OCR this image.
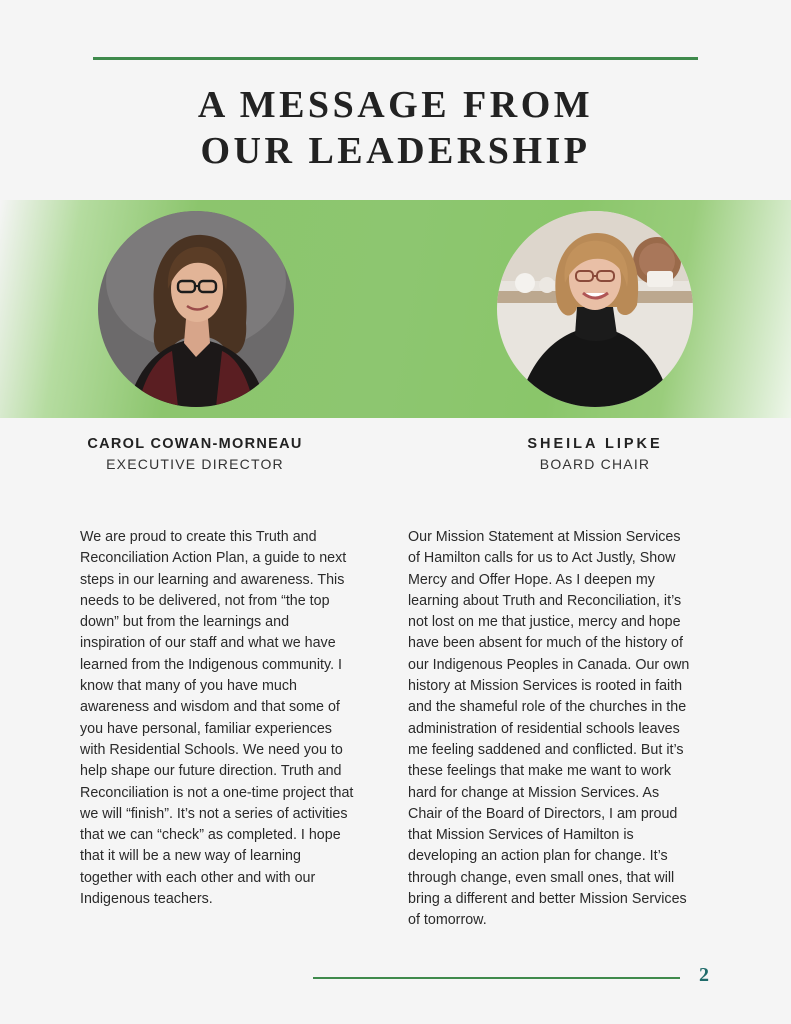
A MESSAGE FROM
OUR LEADERSHIP
CAROL COWAN-MORNEAU
EXECUTIVE DIRECTOR
SHEILA LIPKE
BOARD CHAIR
We are proud to create this Truth and
Reconciliation Action Plan, a guide to next
steps in our learning and awareness. This
needs to be delivered, not from “the top
down” but from the learnings and
inspiration of our staff and what we have
learned from the Indigenous community. I
know that many of you have much
awareness and wisdom and that some of
you have personal, familiar experiences
with Residential Schools. We need you to
help shape our future direction. Truth and
Reconciliation is not a one-time project that
we will “finish”. It’s not a series of activities
that we can “check” as completed. I hope
that it will be a new way of learning
together with each other and with our
Indigenous teachers.
Our Mission Statement at Mission Services
of Hamilton calls for us to Act Justly, Show
Mercy and Offer Hope. As I deepen my
learning about Truth and Reconciliation, it’s
not lost on me that justice, mercy and hope
have been absent for much of the history of
our Indigenous Peoples in Canada. Our own
history at Mission Services is rooted in faith
and the shameful role of the churches in the
administration of residential schools leaves
me feeling saddened and conflicted. But it’s
these feelings that make me want to work
hard for change at Mission Services. As
Chair of the Board of Directors, I am proud
that Mission Services of Hamilton is
developing an action plan for change. It’s
through change, even small ones, that will
bring a different and better Mission Services
of tomorrow.
2
